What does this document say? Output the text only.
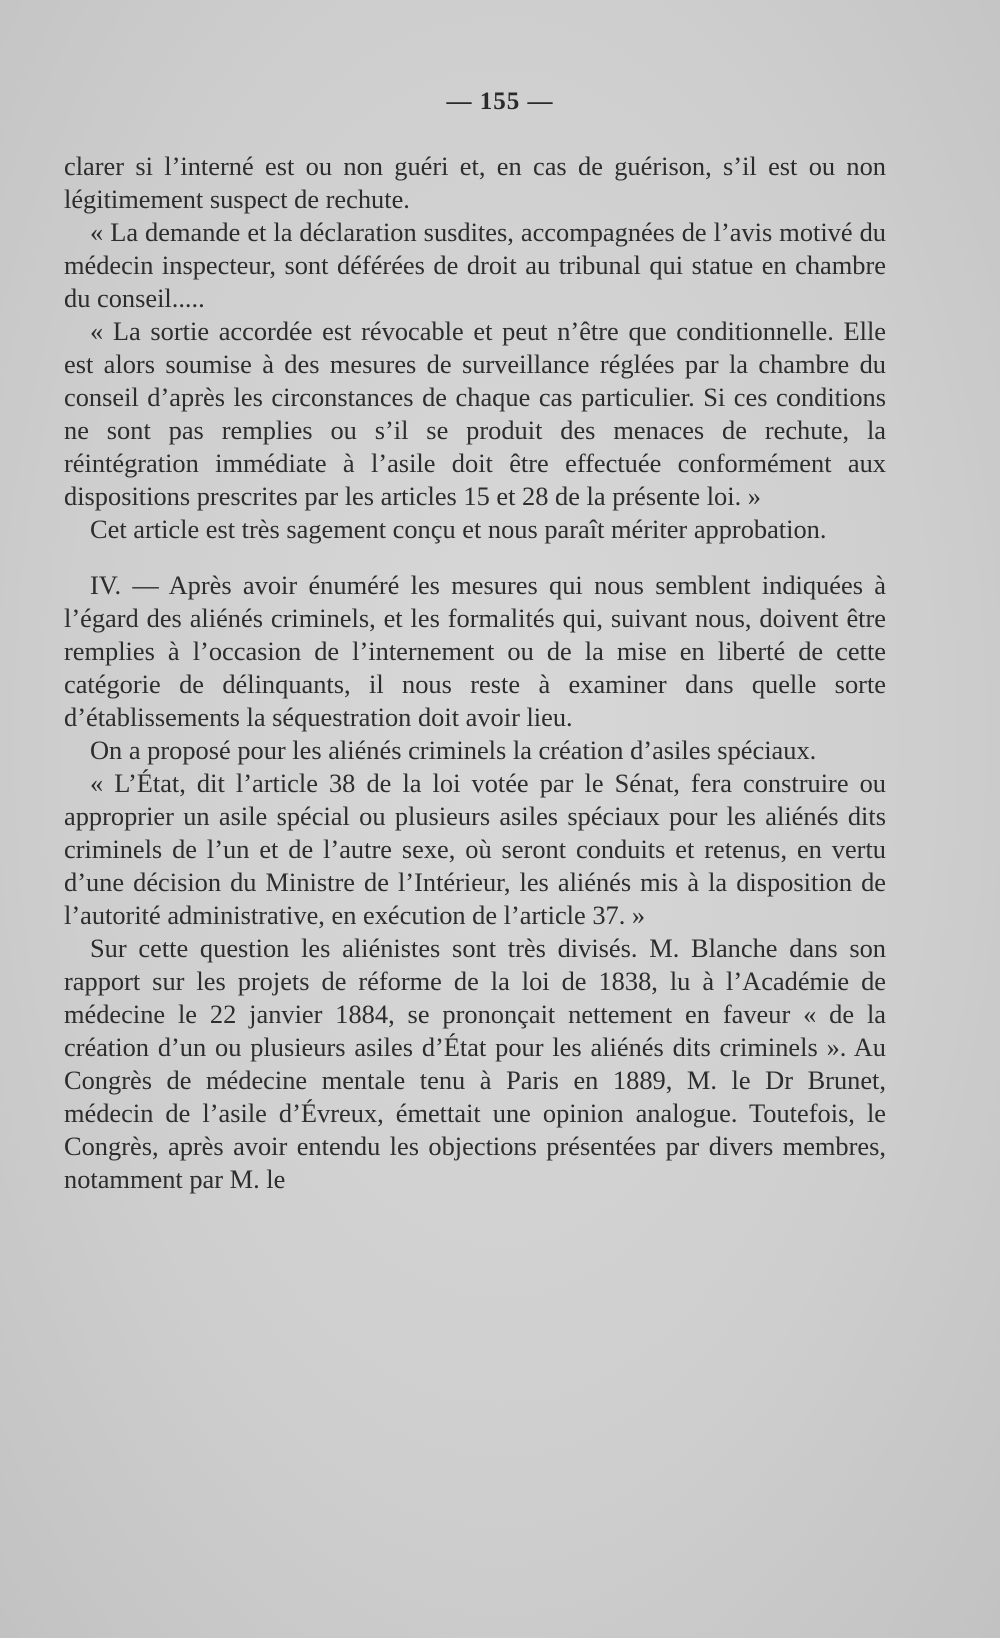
— 155 —

clarer si l’interné est ou non guéri et, en cas de guérison, s’il est ou non légitimement suspect de rechute.

« La demande et la déclaration susdites, accompagnées de l’avis motivé du médecin inspecteur, sont déférées de droit au tribunal qui statue en chambre du conseil.....

« La sortie accordée est révocable et peut n’être que conditionnelle. Elle est alors soumise à des mesures de surveillance réglées par la chambre du conseil d’après les circonstances de chaque cas particulier. Si ces conditions ne sont pas remplies ou s’il se produit des menaces de rechute, la réintégration immédiate à l’asile doit être effectuée conformément aux dispositions prescrites par les articles 15 et 28 de la présente loi. »

Cet article est très sagement conçu et nous paraît mériter approbation.

IV. — Après avoir énuméré les mesures qui nous semblent indiquées à l’égard des aliénés criminels, et les formalités qui, suivant nous, doivent être remplies à l’occasion de l’internement ou de la mise en liberté de cette catégorie de délinquants, il nous reste à examiner dans quelle sorte d’établissements la séquestration doit avoir lieu.

On a proposé pour les aliénés criminels la création d’asiles spéciaux.

« L’État, dit l’article 38 de la loi votée par le Sénat, fera construire ou approprier un asile spécial ou plusieurs asiles spéciaux pour les aliénés dits criminels de l’un et de l’autre sexe, où seront conduits et retenus, en vertu d’une décision du Ministre de l’Intérieur, les aliénés mis à la disposition de l’autorité administrative, en exécution de l’article 37. »

Sur cette question les aliénistes sont très divisés. M. Blanche dans son rapport sur les projets de réforme de la loi de 1838, lu à l’Académie de médecine le 22 janvier 1884, se prononçait nettement en faveur « de la création d’un ou plusieurs asiles d’État pour les aliénés dits criminels ». Au Congrès de médecine mentale tenu à Paris en 1889, M. le Dr Brunet, médecin de l’asile d’Évreux, émettait une opinion analogue. Toutefois, le Congrès, après avoir entendu les objections présentées par divers membres, notamment par M. le
